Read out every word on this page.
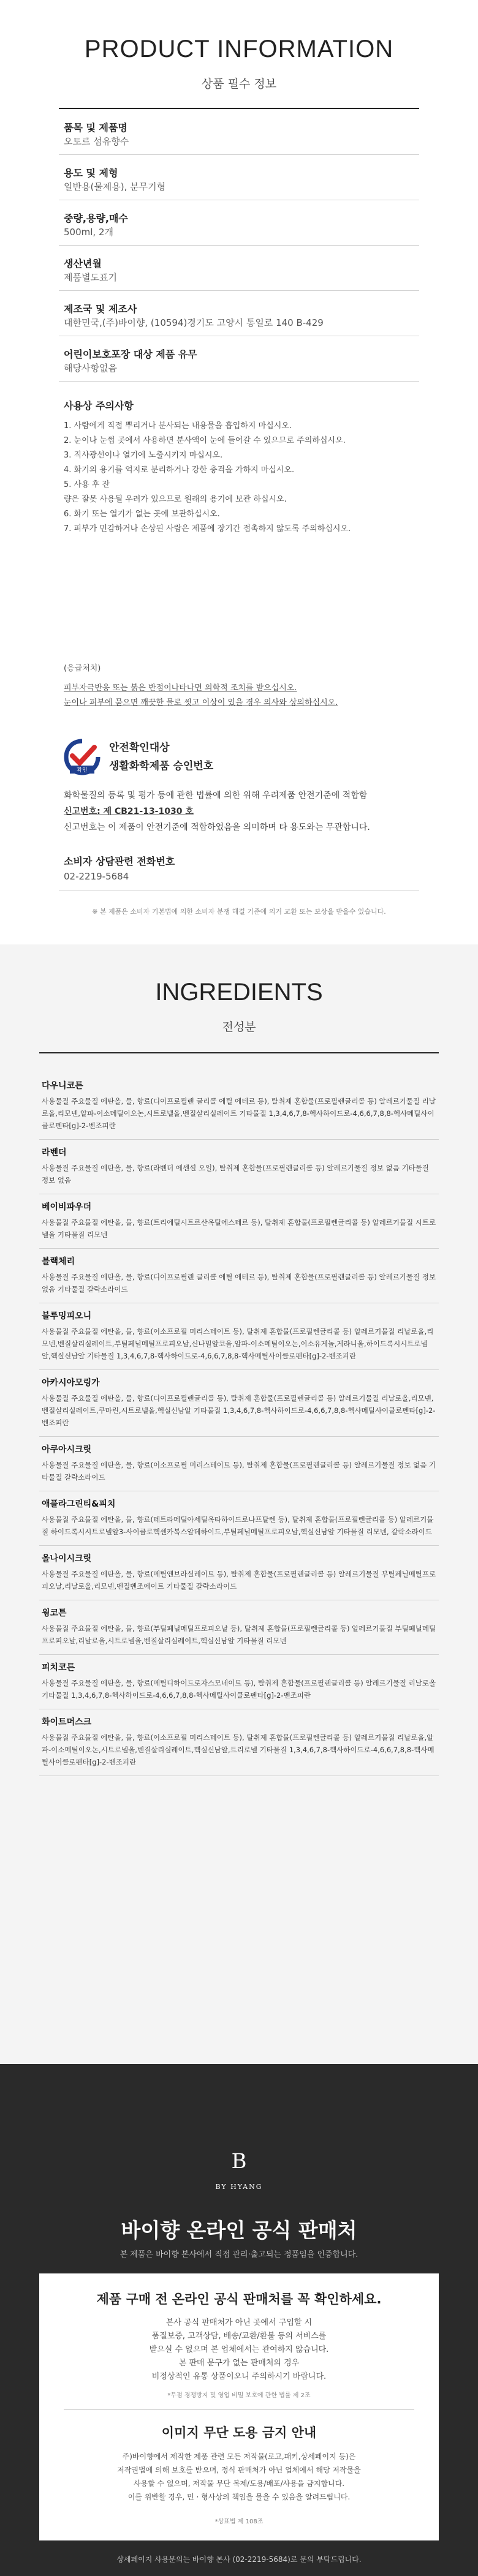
PRODUCT INFORMATION
상품 필수 정보
품목 및 제품명
오토르 섬유향수
용도 및 제형
일반용(물제용), 분무기형
중량,용량,매수
500ml, 2개
생산년월
제품별도표기
제조국 및 제조사
대한민국,(주)바이향, (10594)경기도 고양시 통일로 140 B-429
어린이보호포장 대상 제품 유무
해당사항없음
사용상 주의사항
1. 사람에게 직접 뿌리거나 분사되는 내용물을 흡입하지 마십시오.
2. 눈이나 눈썹 곳에서 사용하면 분사액이 눈에 들어갈 수 있으므로 주의하십시오.
3. 직사광선이나 열기에 노출시키지 마십시오.
4. 화기의 용기를 억지로 분리하거나 강한 충격을 가하지 마십시오.
5. 사용 후 잔
량은 잘못 사용될 우려가 있으므로 원래의 용기에 보관 하십시오.
6. 화기 또는 열기가 없는 곳에 보관하십시오.
7. 피부가 민감하거나 손상된 사람은 제품에 장기간 접촉하지 않도록 주의하십시오.
(응급처치)
피부자극반응 또는 붉은 반점이나타나면 의학적 조치를 받으십시오.
눈이나 피부에 묻으면 깨끗한 물로 씻고 이상이 있을 경우 의사와 상의하십시오.
확인
안전확인대상
생활화학제품 승인번호
화학물질의 등록 및 평가 등에 관한 법률에 의한 위해 우려제품 안전기준에 적합함
신고번호: 제 CB21-13-1030 호
신고번호는 이 제품이 안전기준에 적합하였음을 의미하며 타 용도와는 무관합니다.
소비자 상담관련 전화번호
02-2219-5684
※ 본 제품은 소비자 기본법에 의한 소비자 분쟁 해결 기준에 의거 교환 또는 보상을 받을수 있습니다.
INGREDIENTS
전성분
다우니코튼
사용물질 주요물질 에탄올, 물, 향료(디이프로필렌 글리콜 에틸 에테르 등), 탈취제 혼합물(프로필렌글리콜 등) 알레르기물질 리날로올,리모넨,알파-이소메틸이오논,시트로넬올,벤질살리실레이트 기타물질 1,3,4,6,7,8-헥사하이드로-4,6,6,7,8,8-헥사메틸사이클로펜타[g]-2-벤조피란
라벤더
사용물질 주요물질 에탄올, 물, 향료(라벤더 에센셜 오일), 탈취제 혼합물(프로필렌글리콜 등) 알레르기물질 정보 없음 기타물질 정보 없음
베이비파우더
사용물질 주요물질 에탄올, 물, 향료(트리에틸시트르산옥틸에스테르 등), 탈취제 혼합물(프로필렌글리콜 등) 알레르기물질 시트로넬올 기타물질 리모넨
블랙체리
사용물질 주요물질 에탄올, 물, 향료(디이프로필렌 글리콜 에틸 에테르 등), 탈취제 혼합물(프로필렌글리콜 등) 알레르기물질 정보 없음 기타물질 갈락소라이드
블루밍피오니
사용물질 주요물질 에탄올, 물, 향료(이소프로필 미리스테이트 등), 탈취제 혼합물(프로필렌글리콜 등) 알레르기물질 리날로올,리모넨,벤질살리실레이트,부틸페닐메틸프로피오날,신나밀알코올,알파-이소메틸이오논,이소유게놀,게라니올,하이드록시시트로넬알,헥실신남알 기타물질 1,3,4,6,7,8-헥사하이드로-4,6,6,7,8,8-헥사메틸사이클로펜타[g]-2-벤조피란
아카시아모링가
사용물질 주요물질 에탄올, 물, 향료(디이프로필렌글리콜 등), 탈취제 혼합물(프로필렌글리콜 등) 알레르기물질 리날로올,리모넨,벤질살리실레이트,쿠마린,시트로넬올,헥실신남알 기타물질 1,3,4,6,7,8-헥사하이드로-4,6,6,7,8,8-헥사메틸사이클로펜타[g]-2-벤조피란
아쿠아시크릿
사용물질 주요물질 에탄올, 물, 향료(이소프로필 미리스테이트 등), 탈취제 혼합물(프로필렌글리콜 등) 알레르기물질 정보 없음 기타물질 갈락소라이드
애플라그린티&피치
사용물질 주요물질 에탄올, 물, 향료(테트라메틸아세틸옥타하이드로나프탈렌 등), 탈취제 혼합물(프로필렌글리콜 등) 알레르기물질 하이드록시시트로넬알3-사이클로헥센카복스알데하이드,부틸페닐메틸프로피오날,헥실신남알 기타물질 리모넨, 갈락소라이드
올나이시크릿
사용물질 주요물질 에탄올, 물, 향료(메틸엔브라실레이트 등), 탈취제 혼합물(프로필렌글리콜 등) 알레르기물질 부틸페닐메틸프로피오날,리날로올,리모넨,벤질벤조에이트 기타물질 갈락소라이드
윙코튼
사용물질 주요물질 에탄올, 물, 향료(부틸페닐메틸프로피오날 등), 탈취제 혼합물(프로필렌글리콜 등) 알레르기물질 부틸페닐메틸프로피오날,리날로올,시트로넬올,벤질살리실레이트,헥실신남알 기타물질 리모넨
피치코튼
사용물질 주요물질 에탄올, 물, 향료(메틸디하이드로자스모네이트 등), 탈취제 혼합물(프로필렌글리콜 등) 알레르기물질 리날로올 기타물질 1,3,4,6,7,8-헥사하이드로-4,6,6,7,8,8-헥사메틸사이클로펜타[g]-2-벤조피란
화이트머스크
사용물질 주요물질 에탄올, 물, 향료(이소프로필 미리스테이트 등), 탈취제 혼합물(프로필렌글리콜 등) 알레르기물질 리날로올,알파-이소메틸이오논,시트로넬올,벤질살리실레이트,헥실신남알,트리로넬 기타물질 1,3,4,6,7,8-헥사하이드로-4,6,6,7,8,8-헥사메틸사이클로펜타[g]-2-벤조피란
B
BY HYANG
바이향 온라인 공식 판매처
본 제품은 바이향 본사에서 직접 관리·출고되는 정품임을 인증합니다.
제품 구매 전 온라인 공식 판매처를 꼭 확인하세요.
본사 공식 판매처가 아닌 곳에서 구입할 시
품질보증, 고객상담, 배송/교환/환불 등의 서비스를
받으실 수 없으며 본 업체에서는 관여하지 않습니다.
본 판매 문구가 없는 판매처의 경우
비정상적인 유통 상품이오니 주의하시기 바랍니다.
*무점 경쟁방지 및 영업 비밀 보호에 관한 법률 제 2조
이미지 무단 도용 금지 안내
주)바이향에서 제작한 제품 관련 모든 저작물(로고,패키,상세페이지 등)은
저작권법에 의해 보호를 받으며, 정식 판매처가 아닌 업체에서 해당 저작물을
사용할 수 없으며, 저작물 무단 복제/도용/배포/사용을 금지합니다.
이를 위반할 경우, 민 · 형사상의 책임을 물을 수 있음을 알려드립니다.
*상표법 제 108조
상세페이지 사용문의는 바이향 본사 (02-2219-5684)로 문의 부탁드립니다.
